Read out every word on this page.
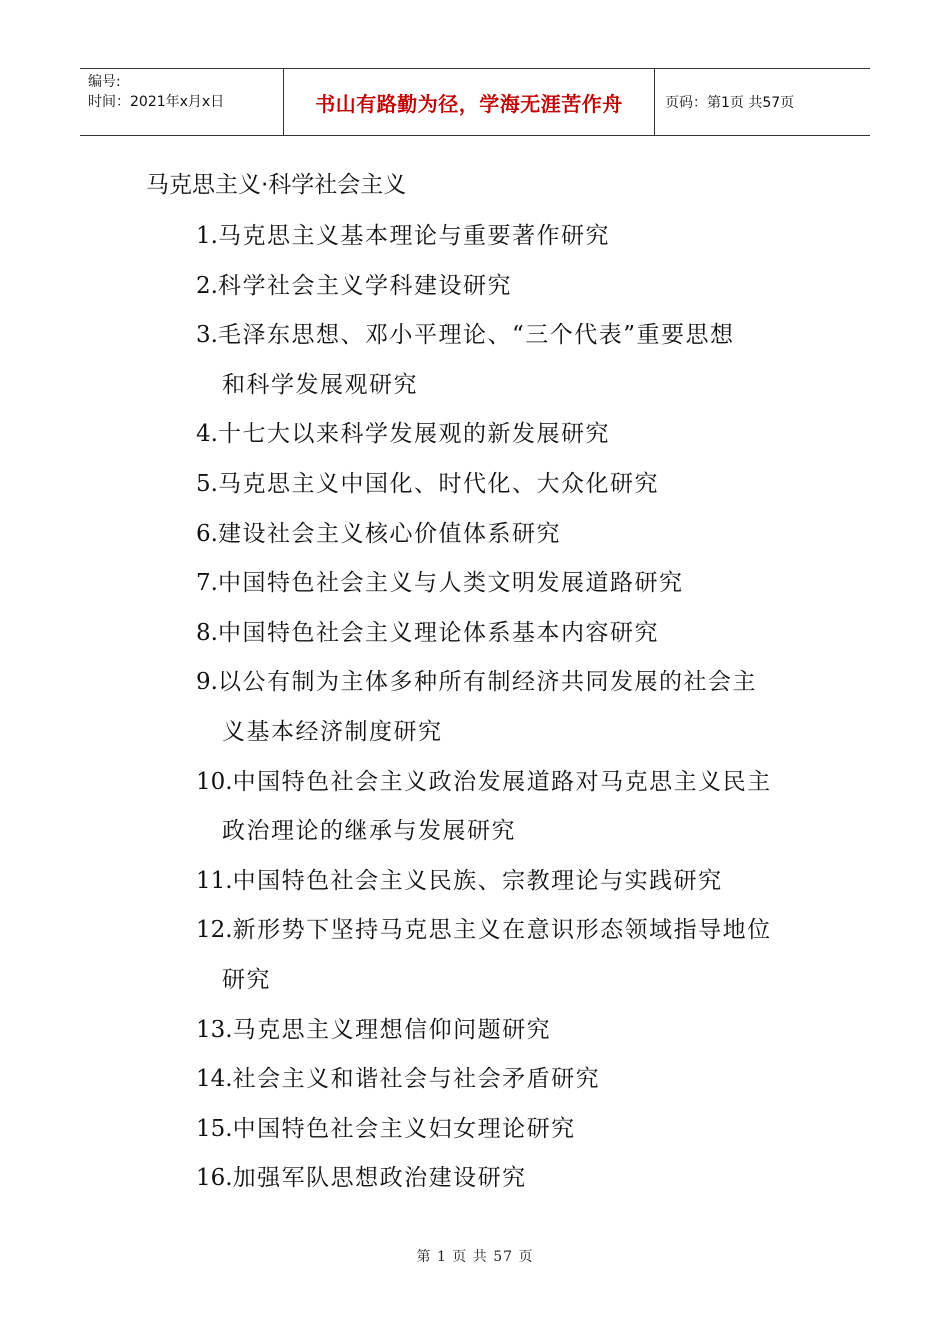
编号:
时间：2021年x月x日	书山有路勤为径，学海无涯苦作舟	页码：第1页 共57页
马克思主义·科学社会主义
1.马克思主义基本理论与重要著作研究
2.科学社会主义学科建设研究
3.毛泽东思想、邓小平理论、“三个代表”重要思想
和科学发展观研究
4.十七大以来科学发展观的新发展研究
5.马克思主义中国化、时代化、大众化研究
6.建设社会主义核心价值体系研究
7.中国特色社会主义与人类文明发展道路研究
8.中国特色社会主义理论体系基本内容研究
9.以公有制为主体多种所有制经济共同发展的社会主
义基本经济制度研究
10.中国特色社会主义政治发展道路对马克思主义民主
政治理论的继承与发展研究
11.中国特色社会主义民族、宗教理论与实践研究
12.新形势下坚持马克思主义在意识形态领域指导地位
研究
13.马克思主义理想信仰问题研究
14.社会主义和谐社会与社会矛盾研究
15.中国特色社会主义妇女理论研究
16.加强军队思想政治建设研究
第 1 页 共 57 页
